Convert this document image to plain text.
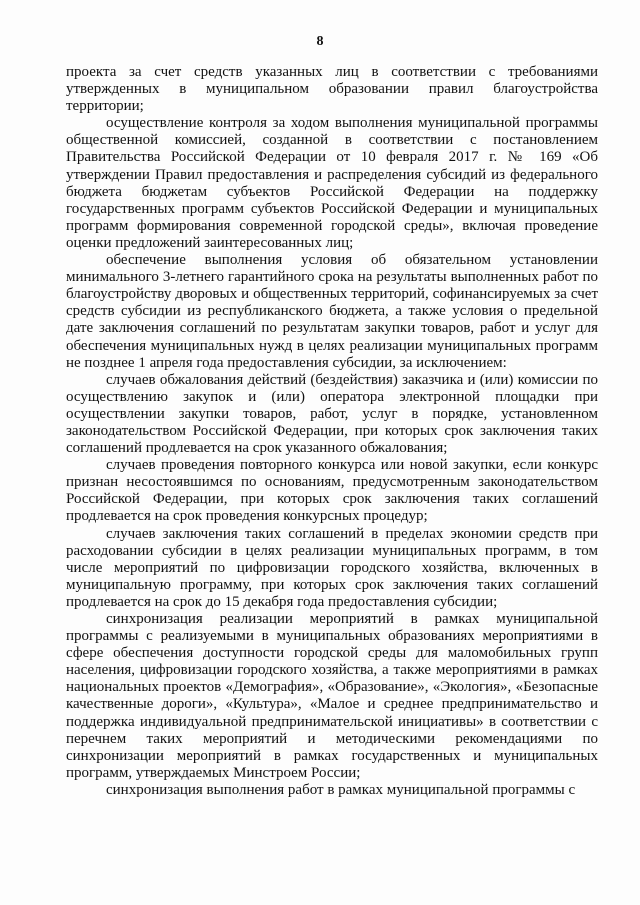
8

проекта за счет средств указанных лиц в соответствии с требованиями утвержденных в муниципальном образовании правил благоустройства территории;

осуществление контроля за ходом выполнения муниципальной программы общественной комиссией, созданной в соответствии с постановлением Правительства Российской Федерации от 10 февраля 2017 г. № 169 «Об утверждении Правил предоставления и распределения субсидий из федерального бюджета бюджетам субъектов Российской Федерации на поддержку государственных программ субъектов Российской Федерации и муниципальных программ формирования современной городской среды», включая проведение оценки предложений заинтересованных лиц;

обеспечение выполнения условия об обязательном установлении минимального 3-летнего гарантийного срока на результаты выполненных работ по благоустройству дворовых и общественных территорий, софинансируемых за счет средств субсидии из республиканского бюджета, а также условия о предельной дате заключения соглашений по результатам закупки товаров, работ и услуг для обеспечения муниципальных нужд в целях реализации муниципальных программ не позднее 1 апреля года предоставления субсидии, за исключением:

случаев обжалования действий (бездействия) заказчика и (или) комиссии по осуществлению закупок и (или) оператора электронной площадки при осуществлении закупки товаров, работ, услуг в порядке, установленном законодательством Российской Федерации, при которых срок заключения таких соглашений продлевается на срок указанного обжалования;

случаев проведения повторного конкурса или новой закупки, если конкурс признан несостоявшимся по основаниям, предусмотренным законодательством Российской Федерации, при которых срок заключения таких соглашений продлевается на срок проведения конкурсных процедур;

случаев заключения таких соглашений в пределах экономии средств при расходовании субсидии в целях реализации муниципальных программ, в том числе мероприятий по цифровизации городского хозяйства, включенных в муниципальную программу, при которых срок заключения таких соглашений продлевается на срок до 15 декабря года предоставления субсидии;

синхронизация реализации мероприятий в рамках муниципальной программы с реализуемыми в муниципальных образованиях мероприятиями в сфере обеспечения доступности городской среды для маломобильных групп населения, цифровизации городского хозяйства, а также мероприятиями в рамках национальных проектов «Демография», «Образование», «Экология», «Безопасные качественные дороги», «Культура», «Малое и среднее предпринимательство и поддержка индивидуальной предпринимательской инициативы» в соответствии с перечнем таких мероприятий и методическими рекомендациями по синхронизации мероприятий в рамках государственных и муниципальных программ, утверждаемых Минстроем России;

синхронизация выполнения работ в рамках муниципальной программы с
